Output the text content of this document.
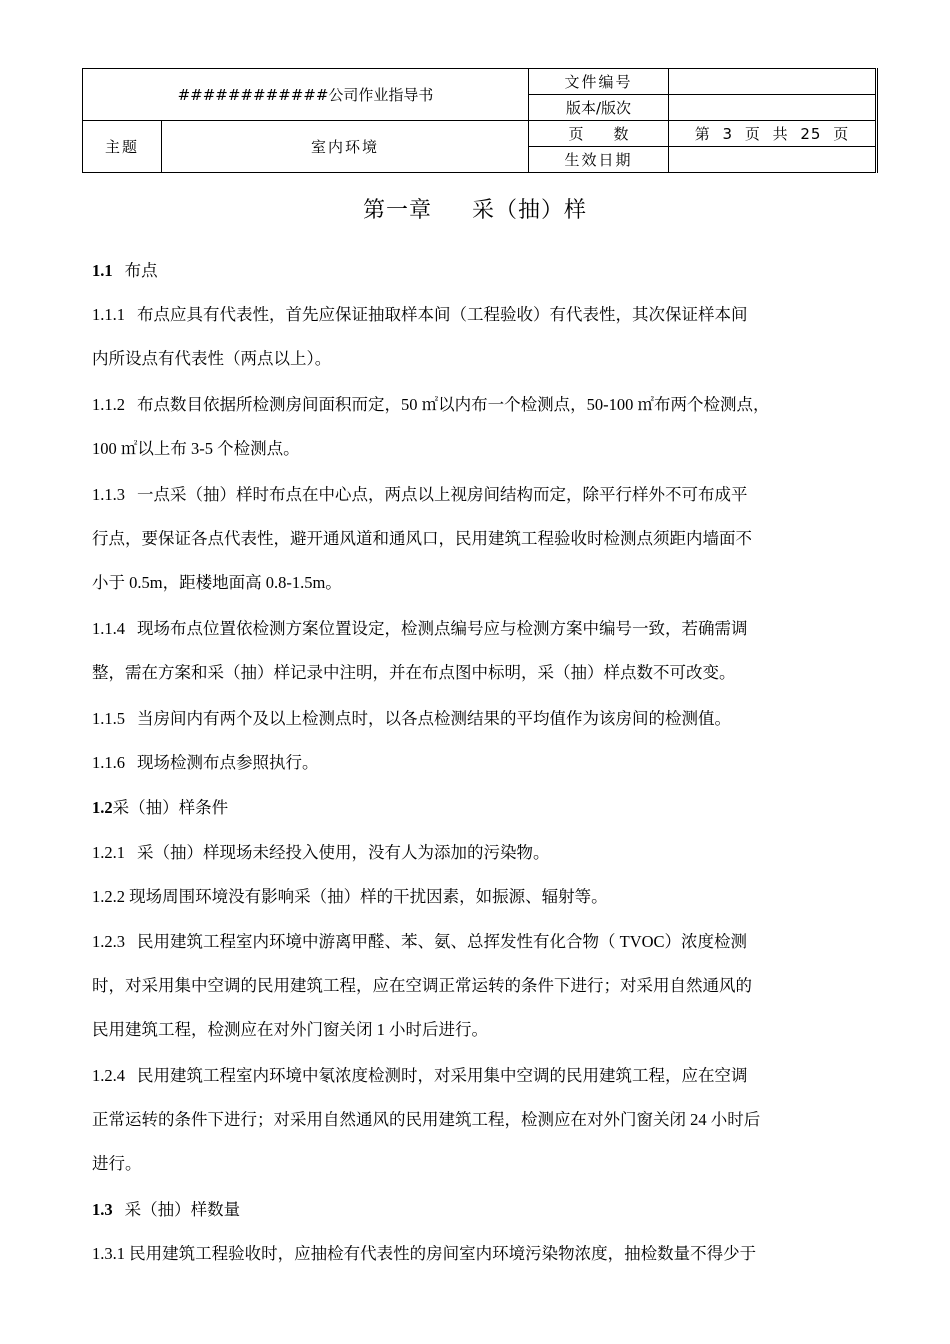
############公司作业指导书		文件编号	
		版本/版次	
主题	室内环境	页　　数	第 3 页 共 25 页
		生效日期	
第一章 采（抽）样
1.1 布点
1.1.1 布点应具有代表性，首先应保证抽取样本间（工程验收）有代表性，其次保证样本间
内所设点有代表性（两点以上）。
1.1.2 布点数目依据所检测房间面积而定，50 ㎡以内布一个检测点，50-100 ㎡布两个检测点，
100 ㎡以上布 3-5 个检测点。
1.1.3 一点采（抽）样时布点在中心点，两点以上视房间结构而定，除平行样外不可布成平
行点，要保证各点代表性，避开通风道和通风口，民用建筑工程验收时检测点须距内墙面不
小于 0.5m，距楼地面高 0.8-1.5m。
1.1.4 现场布点位置依检测方案位置设定，检测点编号应与检测方案中编号一致，若确需调
整，需在方案和采（抽）样记录中注明，并在布点图中标明，采（抽）样点数不可改变。
1.1.5 当房间内有两个及以上检测点时，以各点检测结果的平均值作为该房间的检测值。
1.1.6 现场检测布点参照执行。
1.2采（抽）样条件
1.2.1 采（抽）样现场未经投入使用，没有人为添加的污染物。
1.2.2 现场周围环境没有影响采（抽）样的干扰因素，如振源、辐射等。
1.2.3 民用建筑工程室内环境中游离甲醛、苯、氨、总挥发性有化合物（ TVOC）浓度检测
时，对采用集中空调的民用建筑工程，应在空调正常运转的条件下进行；对采用自然通风的
民用建筑工程，检测应在对外门窗关闭 1 小时后进行。
1.2.4 民用建筑工程室内环境中氡浓度检测时，对采用集中空调的民用建筑工程，应在空调
正常运转的条件下进行；对采用自然通风的民用建筑工程，检测应在对外门窗关闭 24 小时后
进行。
1.3 采（抽）样数量
1.3.1 民用建筑工程验收时，应抽检有代表性的房间室内环境污染物浓度，抽检数量不得少于
